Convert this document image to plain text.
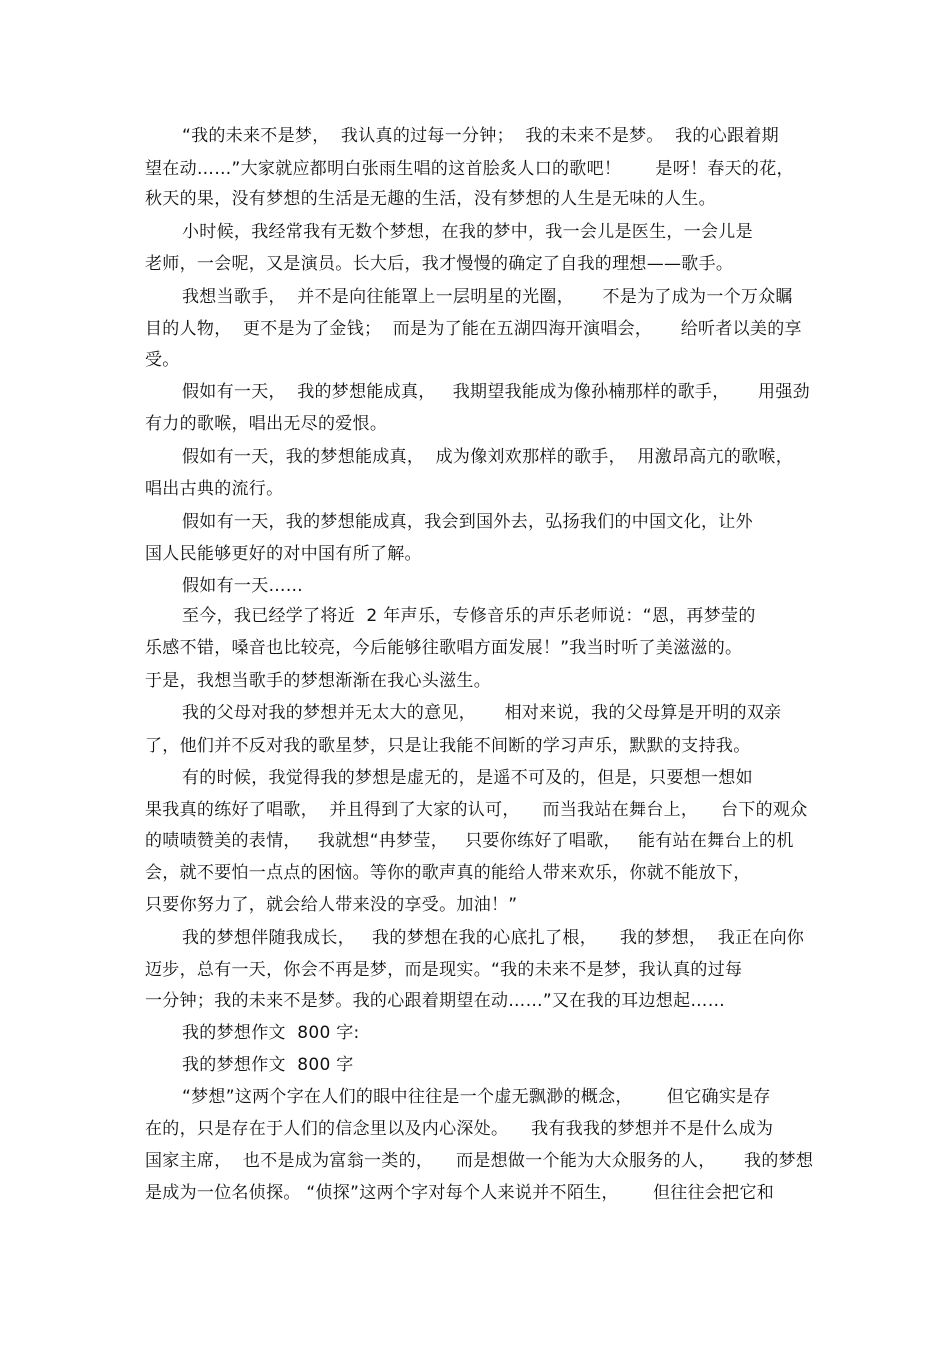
“我的未来不是梦，  我认真的过每一分钟；  我的未来不是梦。  我的心跟着期

望在动……”大家就应都明白张雨生唱的这首脍炙人口的歌吧！      是呀！春天的花，

秋天的果，没有梦想的生活是无趣的生活，没有梦想的人生是无味的人生。

小时候，我经常我有无数个梦想，在我的梦中，我一会儿是医生，一会儿是

老师，一会呢，又是演员。长大后，我才慢慢的确定了自我的理想——歌手。

我想当歌手，  并不是向往能罩上一层明星的光圈，     不是为了成为一个万众瞩

目的人物，  更不是为了金钱；  而是为了能在五湖四海开演唱会，     给听者以美的享

受。

假如有一天，  我的梦想能成真，   我期望我能成为像孙楠那样的歌手，     用强劲

有力的歌喉，唱出无尽的爱恨。

假如有一天，我的梦想能成真，  成为像刘欢那样的歌手，  用激昂高亢的歌喉，

唱出古典的流行。

假如有一天，我的梦想能成真，我会到国外去，弘扬我们的中国文化，让外

国人民能够更好的对中国有所了解。

假如有一天……

至今，我已经学了将近  2 年声乐，专修音乐的声乐老师说：“恩，再梦莹的

乐感不错，嗓音也比较亮，今后能够往歌唱方面发展！”我当时听了美滋滋的。

于是，我想当歌手的梦想渐渐在我心头滋生。

我的父母对我的梦想并无太大的意见，     相对来说，我的父母算是开明的双亲

了，他们并不反对我的歌星梦，只是让我能不间断的学习声乐，默默的支持我。

有的时候，我觉得我的梦想是虚无的，是遥不可及的，但是，只要想一想如

果我真的练好了唱歌，  并且得到了大家的认可，    而当我站在舞台上，    台下的观众

的啧啧赞美的表情，   我就想“冉梦莹，   只要你练好了唱歌，   能有站在舞台上的机

会，就不要怕一点点的困恼。等你的歌声真的能给人带来欢乐，你就不能放下，

只要你努力了，就会给人带来没的享受。加油！”

我的梦想伴随我成长，   我的梦想在我的心底扎了根，    我的梦想，  我正在向你

迈步，总有一天，你会不再是梦，而是现实。“我的未来不是梦，我认真的过每

一分钟；我的未来不是梦。我的心跟着期望在动……”又在我的耳边想起……

我的梦想作文  800 字:

我的梦想作文  800 字

“梦想”这两个字在人们的眼中往往是一个虚无飘渺的概念，      但它确实是存

在的，只是存在于人们的信念里以及内心深处。    我有我我的梦想并不是什么成为

国家主席，  也不是成为富翁一类的，    而是想做一个能为大众服务的人，     我的梦想

是成为一位名侦探。 “侦探”这两个字对每个人来说并不陌生，      但往往会把它和
